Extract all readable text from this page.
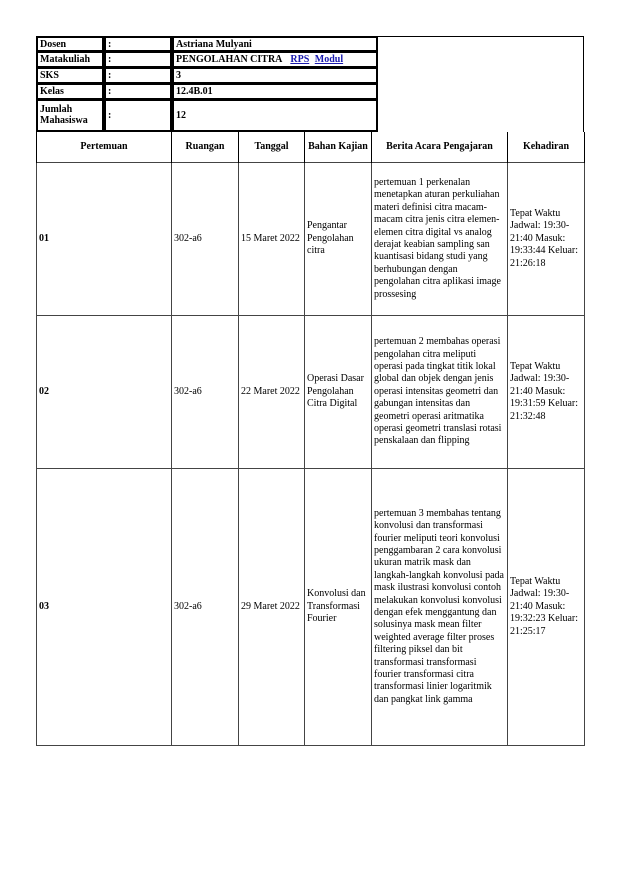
Dosen	:	Astriana Mulyani
Matakuliah	:	PENGOLAHAN CITRA RPS Modul
SKS	:	3
Kelas	:	12.4B.01
Jumlah Mahasiswa	:	12
Pertemuan	Ruangan	Tanggal	Bahan Kajian	Berita Acara Pengajaran	Kehadiran
01	302-a6	15 Maret 2022	Pengantar Pengolahan citra	pertemuan 1 perkenalan menetapkan aturan perkuliahan materi definisi citra macam-macam citra jenis citra elemen-elemen citra digital vs analog derajat keabian sampling san kuantisasi bidang studi yang berhubungan dengan pengolahan citra aplikasi image prossesing	Tepat Waktu Jadwal: 19:30-21:40 Masuk: 19:33:44 Keluar: 21:26:18
02	302-a6	22 Maret 2022	Operasi Dasar Pengolahan Citra Digital	pertemuan 2 membahas operasi pengolahan citra meliputi operasi pada tingkat titik lokal global dan objek dengan jenis operasi intensitas geometri dan gabungan intensitas dan geometri operasi aritmatika operasi geometri translasi rotasi penskalaan dan flipping	Tepat Waktu Jadwal: 19:30-21:40 Masuk: 19:31:59 Keluar: 21:32:48
03	302-a6	29 Maret 2022	Konvolusi dan Transformasi Fourier	pertemuan 3 membahas tentang konvolusi dan transformasi fourier meliputi teori konvolusi penggambaran 2 cara konvolusi ukuran matrik mask dan langkah-langkah konvolusi pada mask ilustrasi konvolusi contoh melakukan konvolusi konvolusi dengan efek menggantung dan solusinya mask mean filter weighted average filter proses filtering piksel dan bit transformasi transformasi fourier transformasi citra transformasi linier logaritmik dan pangkat link gamma	Tepat Waktu Jadwal: 19:30-21:40 Masuk: 19:32:23 Keluar: 21:25:17
